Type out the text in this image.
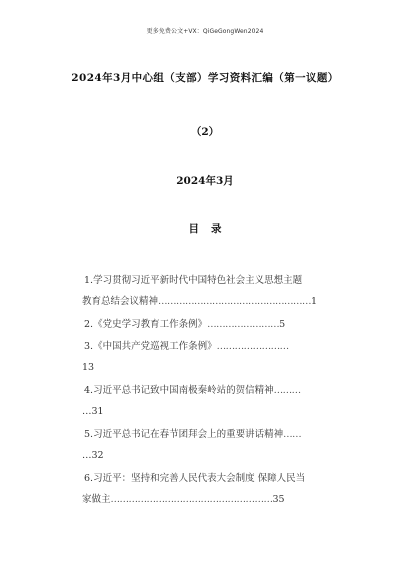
更多免费公文+VX：QiGeGongWen2024
2024年3月中心组（支部）学习资料汇编（第一议题）
（2）
2024年3月
目录
1.学习贯彻习近平新时代中国特色社会主义思想主题
教育总结会议精神……………………………………………1
2.《党史学习教育工作条例》……………………5
3.《中国共产党巡视工作条例》……………………
13
4.习近平总书记致中国南极秦岭站的贺信精神………
…31
5.习近平总书记在春节团拜会上的重要讲话精神……
…32
6.习近平：坚持和完善人民代表大会制度 保障人民当
家做主………………………………………………35
